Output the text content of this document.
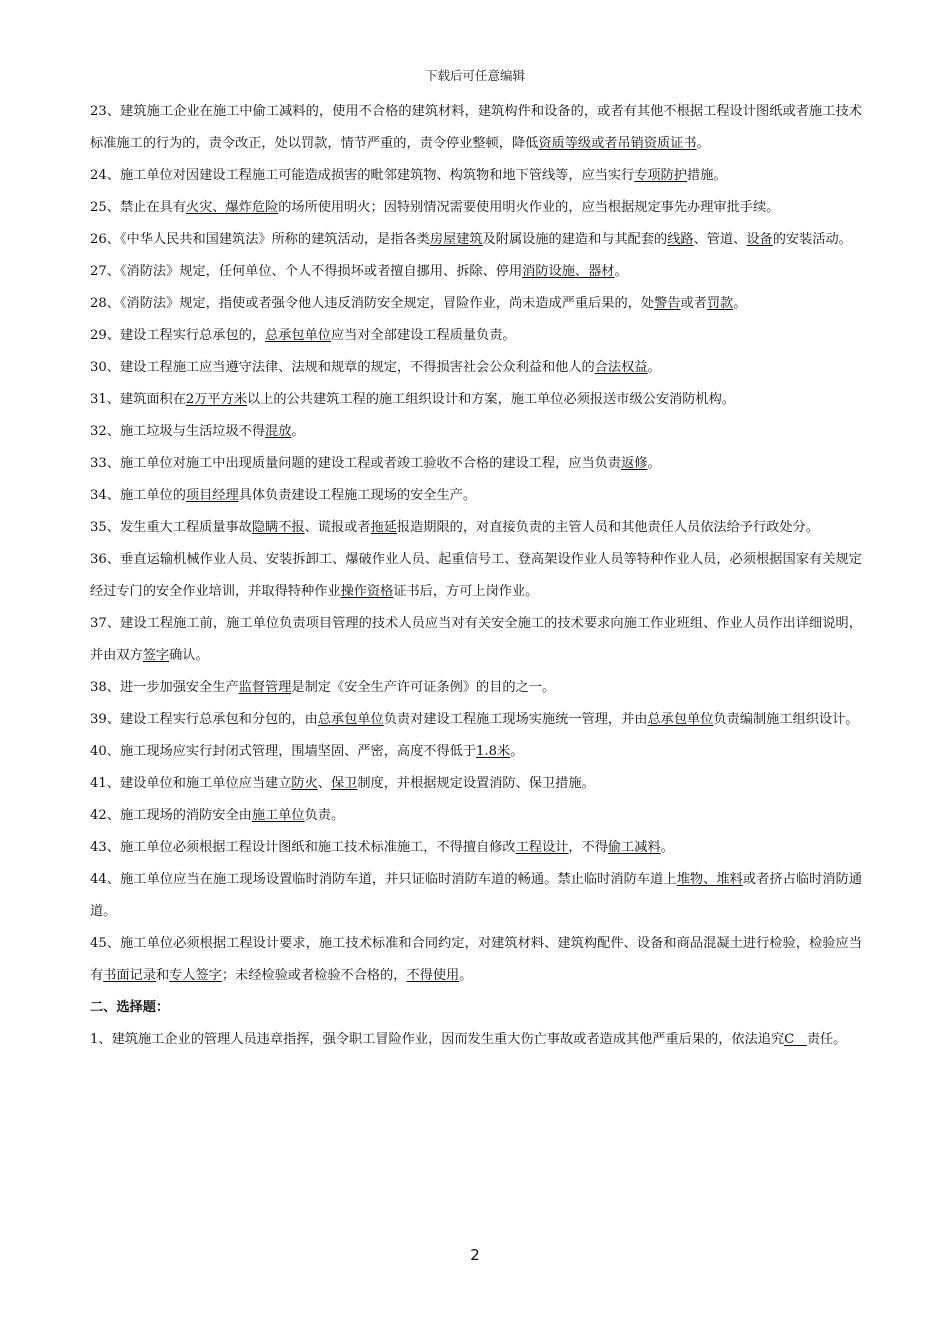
下载后可任意编辑
23、建筑施工企业在施工中偷工减料的，使用不合格的建筑材料，建筑构件和设备的，或者有其他不根据工程设计图纸或者施工技术标准施工的行为的，责令改正，处以罚款，情节严重的，责令停业整顿，降低资质等级或者吊销资质证书。
24、施工单位对因建设工程施工可能造成损害的毗邻建筑物、构筑物和地下管线等，应当实行专项防护措施。
25、禁止在具有火灾、爆炸危险的场所使用明火；因特别情况需要使用明火作业的，应当根据规定事先办理审批手续。
26、《中华人民共和国建筑法》所称的建筑活动，是指各类房屋建筑及附属设施的建造和与其配套的线路、管道、设备的安装活动。
27、《消防法》规定，任何单位、个人不得损坏或者擅自挪用、拆除、停用消防设施、器材。
28、《消防法》规定，指使或者强令他人违反消防安全规定，冒险作业，尚未造成严重后果的，处警告或者罚款。
29、建设工程实行总承包的，总承包单位应当对全部建设工程质量负责。
30、建设工程施工应当遵守法律、法规和规章的规定，不得损害社会公众利益和他人的合法权益。
31、建筑面积在2万平方米以上的公共建筑工程的施工组织设计和方案，施工单位必须报送市级公安消防机构。
32、施工垃圾与生活垃圾不得混放。
33、施工单位对施工中出现质量问题的建设工程或者竣工验收不合格的建设工程，应当负责返修。
34、施工单位的项目经理具体负责建设工程施工现场的安全生产。
35、发生重大工程质量事故隐瞒不报、谎报或者拖延报造期限的，对直接负责的主管人员和其他责任人员依法给予行政处分。
36、垂直运输机械作业人员、安装拆卸工、爆破作业人员、起重信号工、登高架设作业人员等特种作业人员，必须根据国家有关规定经过专门的安全作业培训，并取得特种作业操作资格证书后，方可上岗作业。
37、建设工程施工前，施工单位负责项目管理的技术人员应当对有关安全施工的技术要求向施工作业班组、作业人员作出详细说明，并由双方签字确认。
38、进一步加强安全生产监督管理是制定《安全生产许可证条例》的目的之一。
39、建设工程实行总承包和分包的，由总承包单位负责对建设工程施工现场实施统一管理，并由总承包单位负责编制施工组织设计。
40、施工现场应实行封闭式管理，围墙坚固、严密，高度不得低于1.8米。
41、建设单位和施工单位应当建立防火、保卫制度，并根据规定设置消防、保卫措施。
42、施工现场的消防安全由施工单位负责。
43、施工单位必须根据工程设计图纸和施工技术标准施工，不得擅自修改工程设计，不得偷工减料。
44、施工单位应当在施工现场设置临时消防车道，并只证临时消防车道的畅通。禁止临时消防车道上堆物、堆料或者挤占临时消防通道。
45、施工单位必须根据工程设计要求，施工技术标准和合同约定，对建筑材料、建筑构配件、设备和商品混凝土进行检验，检验应当有书面记录和专人签字；未经检验或者检验不合格的，不得使用。
二、选择题：
1、建筑施工企业的管理人员违章指挥，强令职工冒险作业，因而发生重大伤亡事故或者造成其他严重后果的，依法追究C   责任。
2
